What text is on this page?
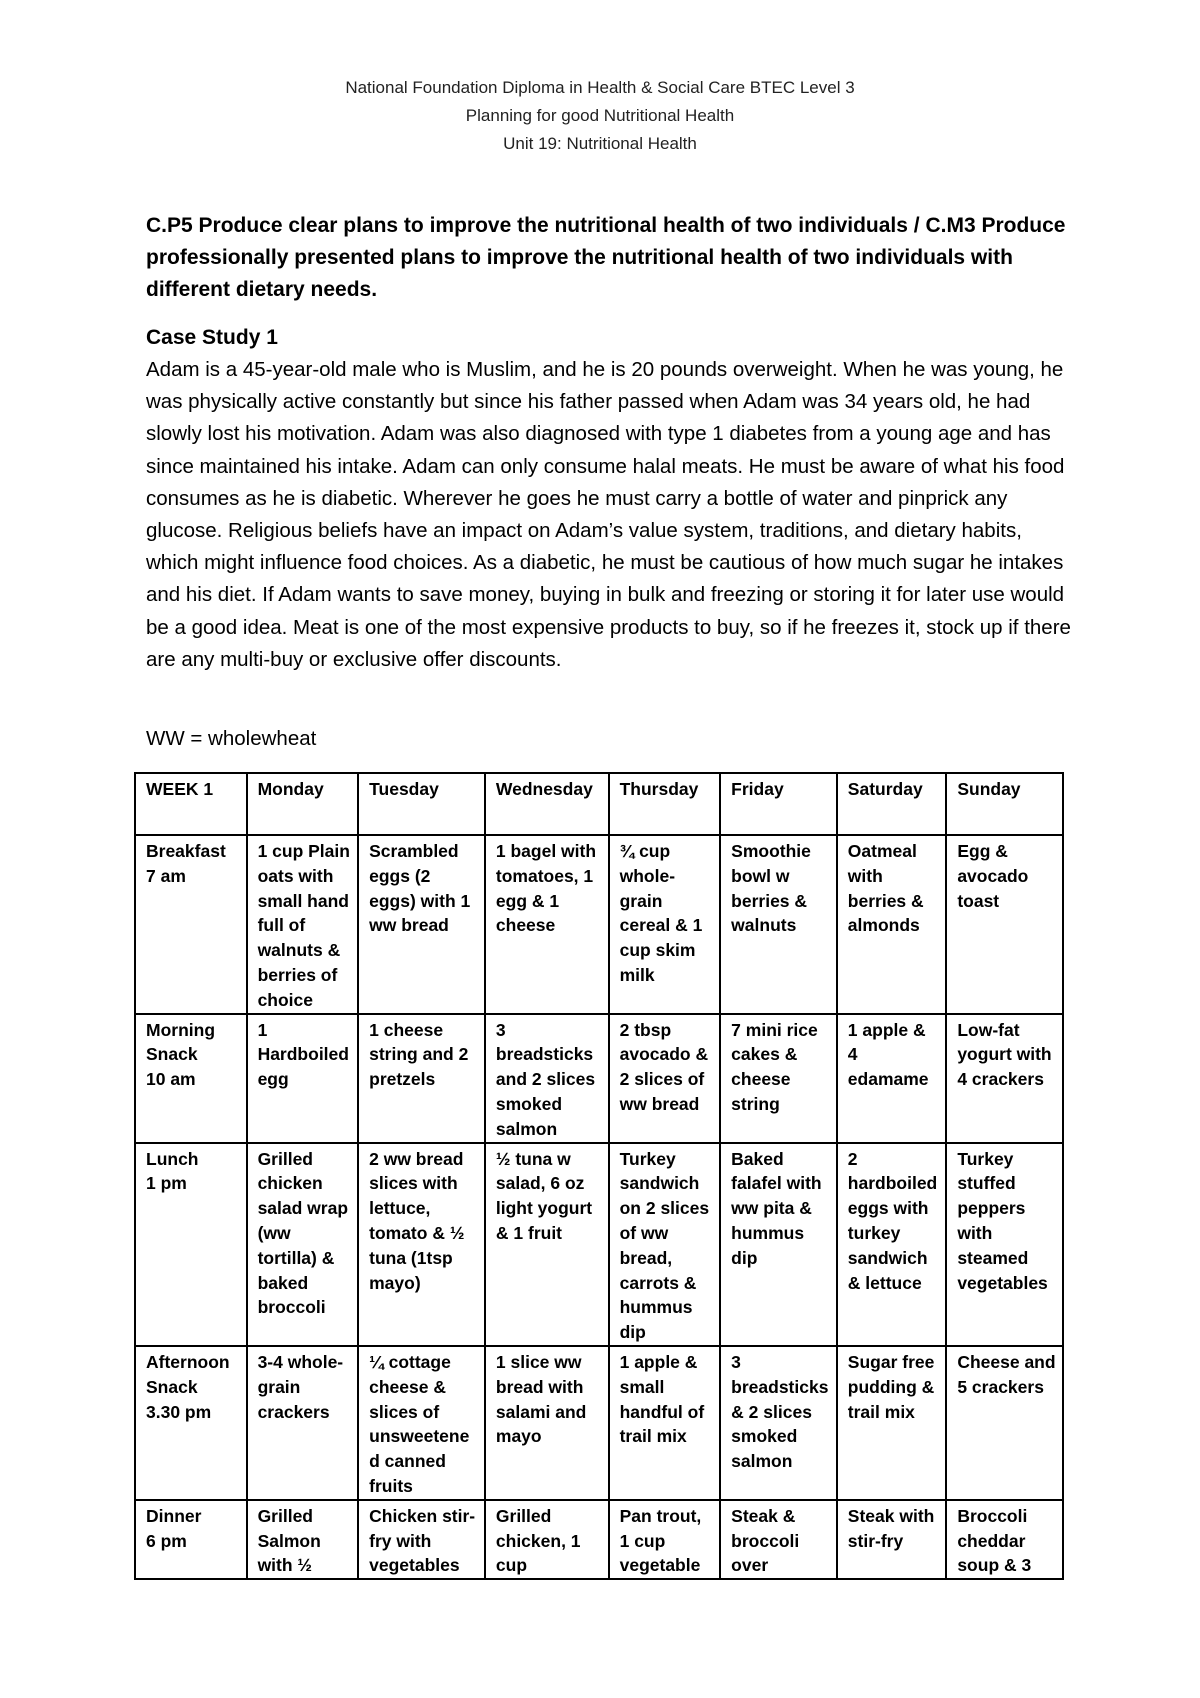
National Foundation Diploma in Health & Social Care BTEC Level 3
Planning for good Nutritional Health
Unit 19: Nutritional Health
C.P5 Produce clear plans to improve the nutritional health of two individuals / C.M3 Produce professionally presented plans to improve the nutritional health of two individuals with different dietary needs.
Case Study 1
Adam is a 45-year-old male who is Muslim, and he is 20 pounds overweight. When he was young, he was physically active constantly but since his father passed when Adam was 34 years old, he had slowly lost his motivation. Adam was also diagnosed with type 1 diabetes from a young age and has since maintained his intake. Adam can only consume halal meats. He must be aware of what his food consumes as he is diabetic. Wherever he goes he must carry a bottle of water and pinprick any glucose. Religious beliefs have an impact on Adam’s value system, traditions, and dietary habits, which might influence food choices. As a diabetic, he must be cautious of how much sugar he intakes and his diet. If Adam wants to save money, buying in bulk and freezing or storing it for later use would be a good idea. Meat is one of the most expensive products to buy, so if he freezes it, stock up if there are any multi-buy or exclusive offer discounts.
WW = wholewheat
WEEK 1	Monday	Tuesday	Wednesday	Thursday	Friday	Saturday	Sunday
Breakfast
7 am	1 cup Plain oats with small hand full of walnuts & berries of choice	Scrambled eggs (2 eggs) with 1 ww bread	1 bagel with tomatoes, 1 egg & 1 cheese	¾ cup whole-grain cereal & 1 cup skim milk	Smoothie bowl w berries & walnuts	Oatmeal with berries & almonds	Egg & avocado toast
Morning Snack
10 am	1 Hardboiled egg	1 cheese string and 2 pretzels	3 breadsticks and 2 slices smoked salmon	2 tbsp avocado & 2 slices of ww bread	7 mini rice cakes & cheese string	1 apple & 4 edamame	Low-fat yogurt with 4 crackers
Lunch
1 pm	Grilled chicken salad wrap (ww tortilla) & baked broccoli	2 ww bread slices with lettuce, tomato & ½ tuna (1tsp mayo)	½ tuna w salad, 6 oz light yogurt & 1 fruit	Turkey sandwich on 2 slices of ww bread, carrots & hummus dip	Baked falafel with ww pita & hummus dip	2 hardboiled eggs with turkey sandwich & lettuce	Turkey stuffed peppers with steamed vegetables
Afternoon Snack
3.30 pm	3-4 whole-grain crackers	¼ cottage cheese & slices of unsweetened canned fruits	1 slice ww bread with salami and mayo	1 apple & small handful of trail mix	3 breadsticks & 2 slices smoked salmon	Sugar free pudding & trail mix	Cheese and 5 crackers
Dinner
6 pm	Grilled Salmon with ½	Chicken stir-fry with vegetables	Grilled chicken, 1 cup	Pan trout, 1 cup vegetable	Steak & broccoli over	Steak with stir-fry	Broccoli cheddar soup & 3
